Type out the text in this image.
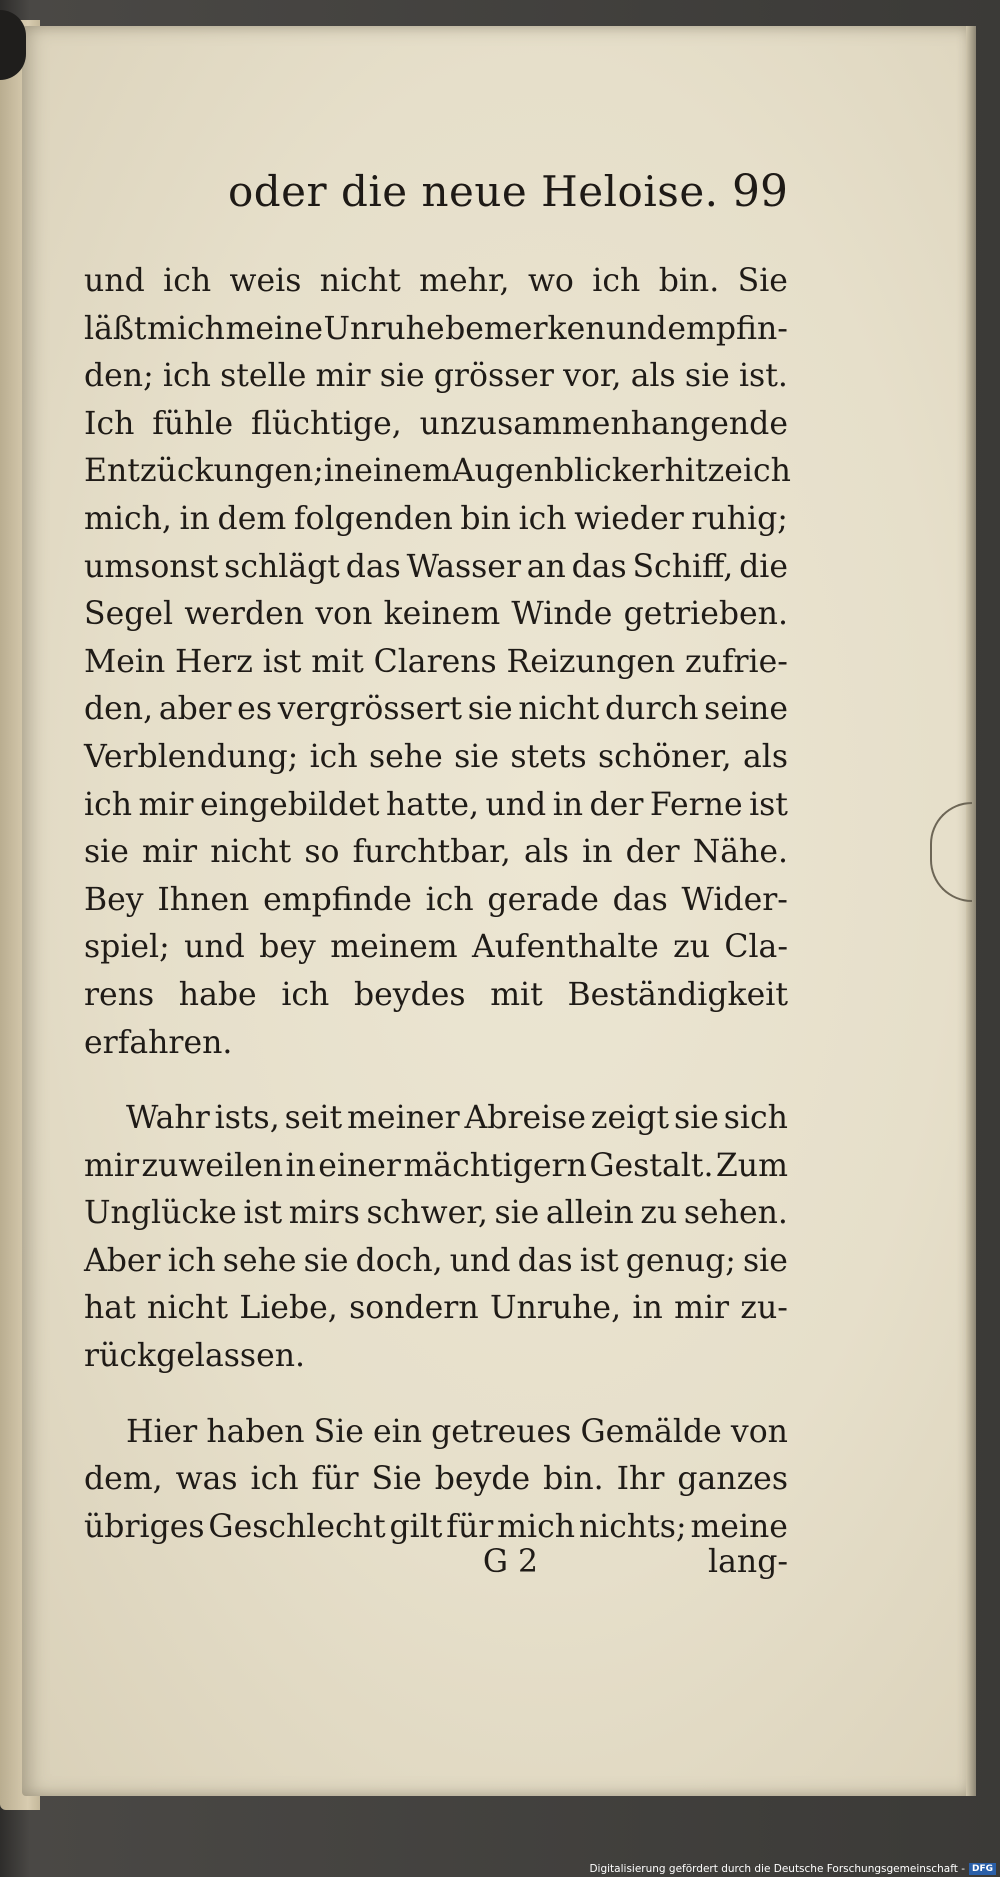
oder die neue Heloise. 99
und ich weis nicht mehr, wo ich bin. Sie
läßt mich meine Unruhe bemerken und empfin-
den; ich stelle mir sie grösser vor, als sie ist.
Ich fühle flüchtige, unzusammenhangende
Entzückungen; in einem Augenblick erhitze ich
mich, in dem folgenden bin ich wieder ruhig;
umsonst schlägt das Wasser an das Schiff, die
Segel werden von keinem Winde getrieben.
Mein Herz ist mit Clarens Reizungen zufrie-
den, aber es vergrössert sie nicht durch seine
Verblendung; ich sehe sie stets schöner, als
ich mir eingebildet hatte, und in der Ferne ist
sie mir nicht so furchtbar, als in der Nähe.
Bey Ihnen empfinde ich gerade das Wider-
spiel; und bey meinem Aufenthalte zu Cla-
rens habe ich beydes mit Beständigkeit
erfahren.
Wahr ists, seit meiner Abreise zeigt sie sich
mir zuweilen in einer mächtigern Gestalt. Zum
Unglücke ist mirs schwer, sie allein zu sehen.
Aber ich sehe sie doch, und das ist genug; sie
hat nicht Liebe, sondern Unruhe, in mir zu-
rückgelassen.
Hier haben Sie ein getreues Gemälde von
dem, was ich für Sie beyde bin. Ihr ganzes
übriges Geschlecht gilt für mich nichts; meine
G 2	lang-
Digitalisierung gefördert durch die Deutsche Forschungsgemeinschaft - DFG
